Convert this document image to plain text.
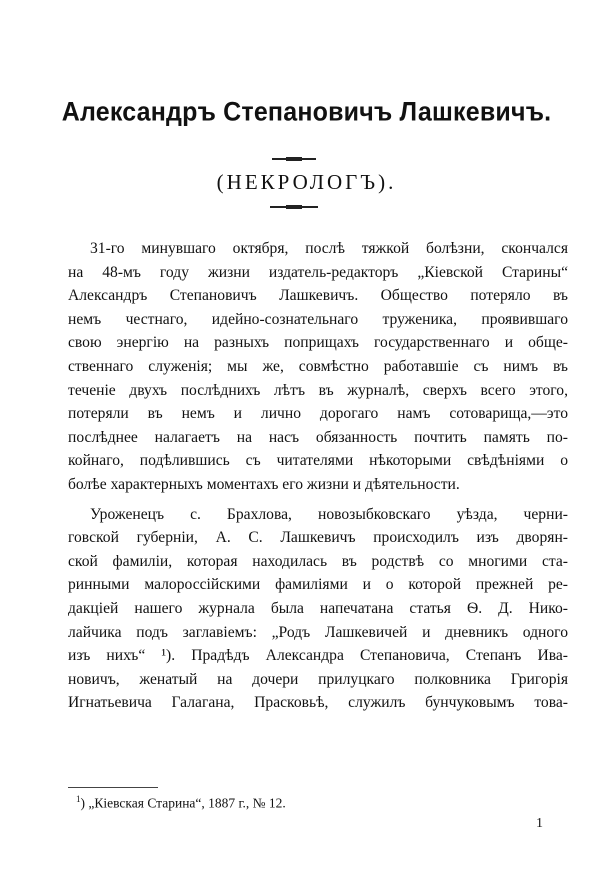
Александръ Степановичъ Лашкевичъ.
(НЕКРОЛОГЪ).
31-го минувшаго октября, послѣ тяжкой болѣзни, скончался
на 48-мъ году жизни издатель-редакторъ „Кіевской Старины“
Александръ Степановичъ Лашкевичъ. Общество потеряло въ
немъ честнаго, идейно-сознательнаго труженика, проявившаго
свою энергію на разныхъ поприщахъ государственнаго и обще-
ственнаго служенія; мы же, совмѣстно работавшіе съ нимъ въ
теченіе двухъ послѣднихъ лѣтъ въ журналѣ, сверхъ всего этого,
потеряли въ немъ и лично дорогаго намъ сотоварища,—это
послѣднее налагаетъ на насъ обязанность почтить память по-
койнаго, подѣлившись съ читателями нѣкоторыми свѣдѣніями о
болѣе характерныхъ моментахъ его жизни и дѣятельности.
Уроженецъ с. Брахлова, новозыбковскаго уѣзда, черни-
говской губерніи, А. С. Лашкевичъ происходилъ изъ дворян-
ской фамиліи, которая находилась въ родствѣ со многими ста-
ринными малороссійскими фамиліями и о которой прежней ре-
дакціей нашего журнала была напечатана статья Ѳ. Д. Нико-
лайчика подъ заглавіемъ: „Родъ Лашкевичей и дневникъ одного
изъ нихъ“ ¹). Прадѣдъ Александра Степановича, Степанъ Ива-
новичъ, женатый на дочери прилуцкаго полковника Григорія
Игнатьевича Галагана, Прасковьѣ, служилъ бунчуковымъ това-
$^1$) „Кіевская Старина“, 1887 г., № 12.
1
